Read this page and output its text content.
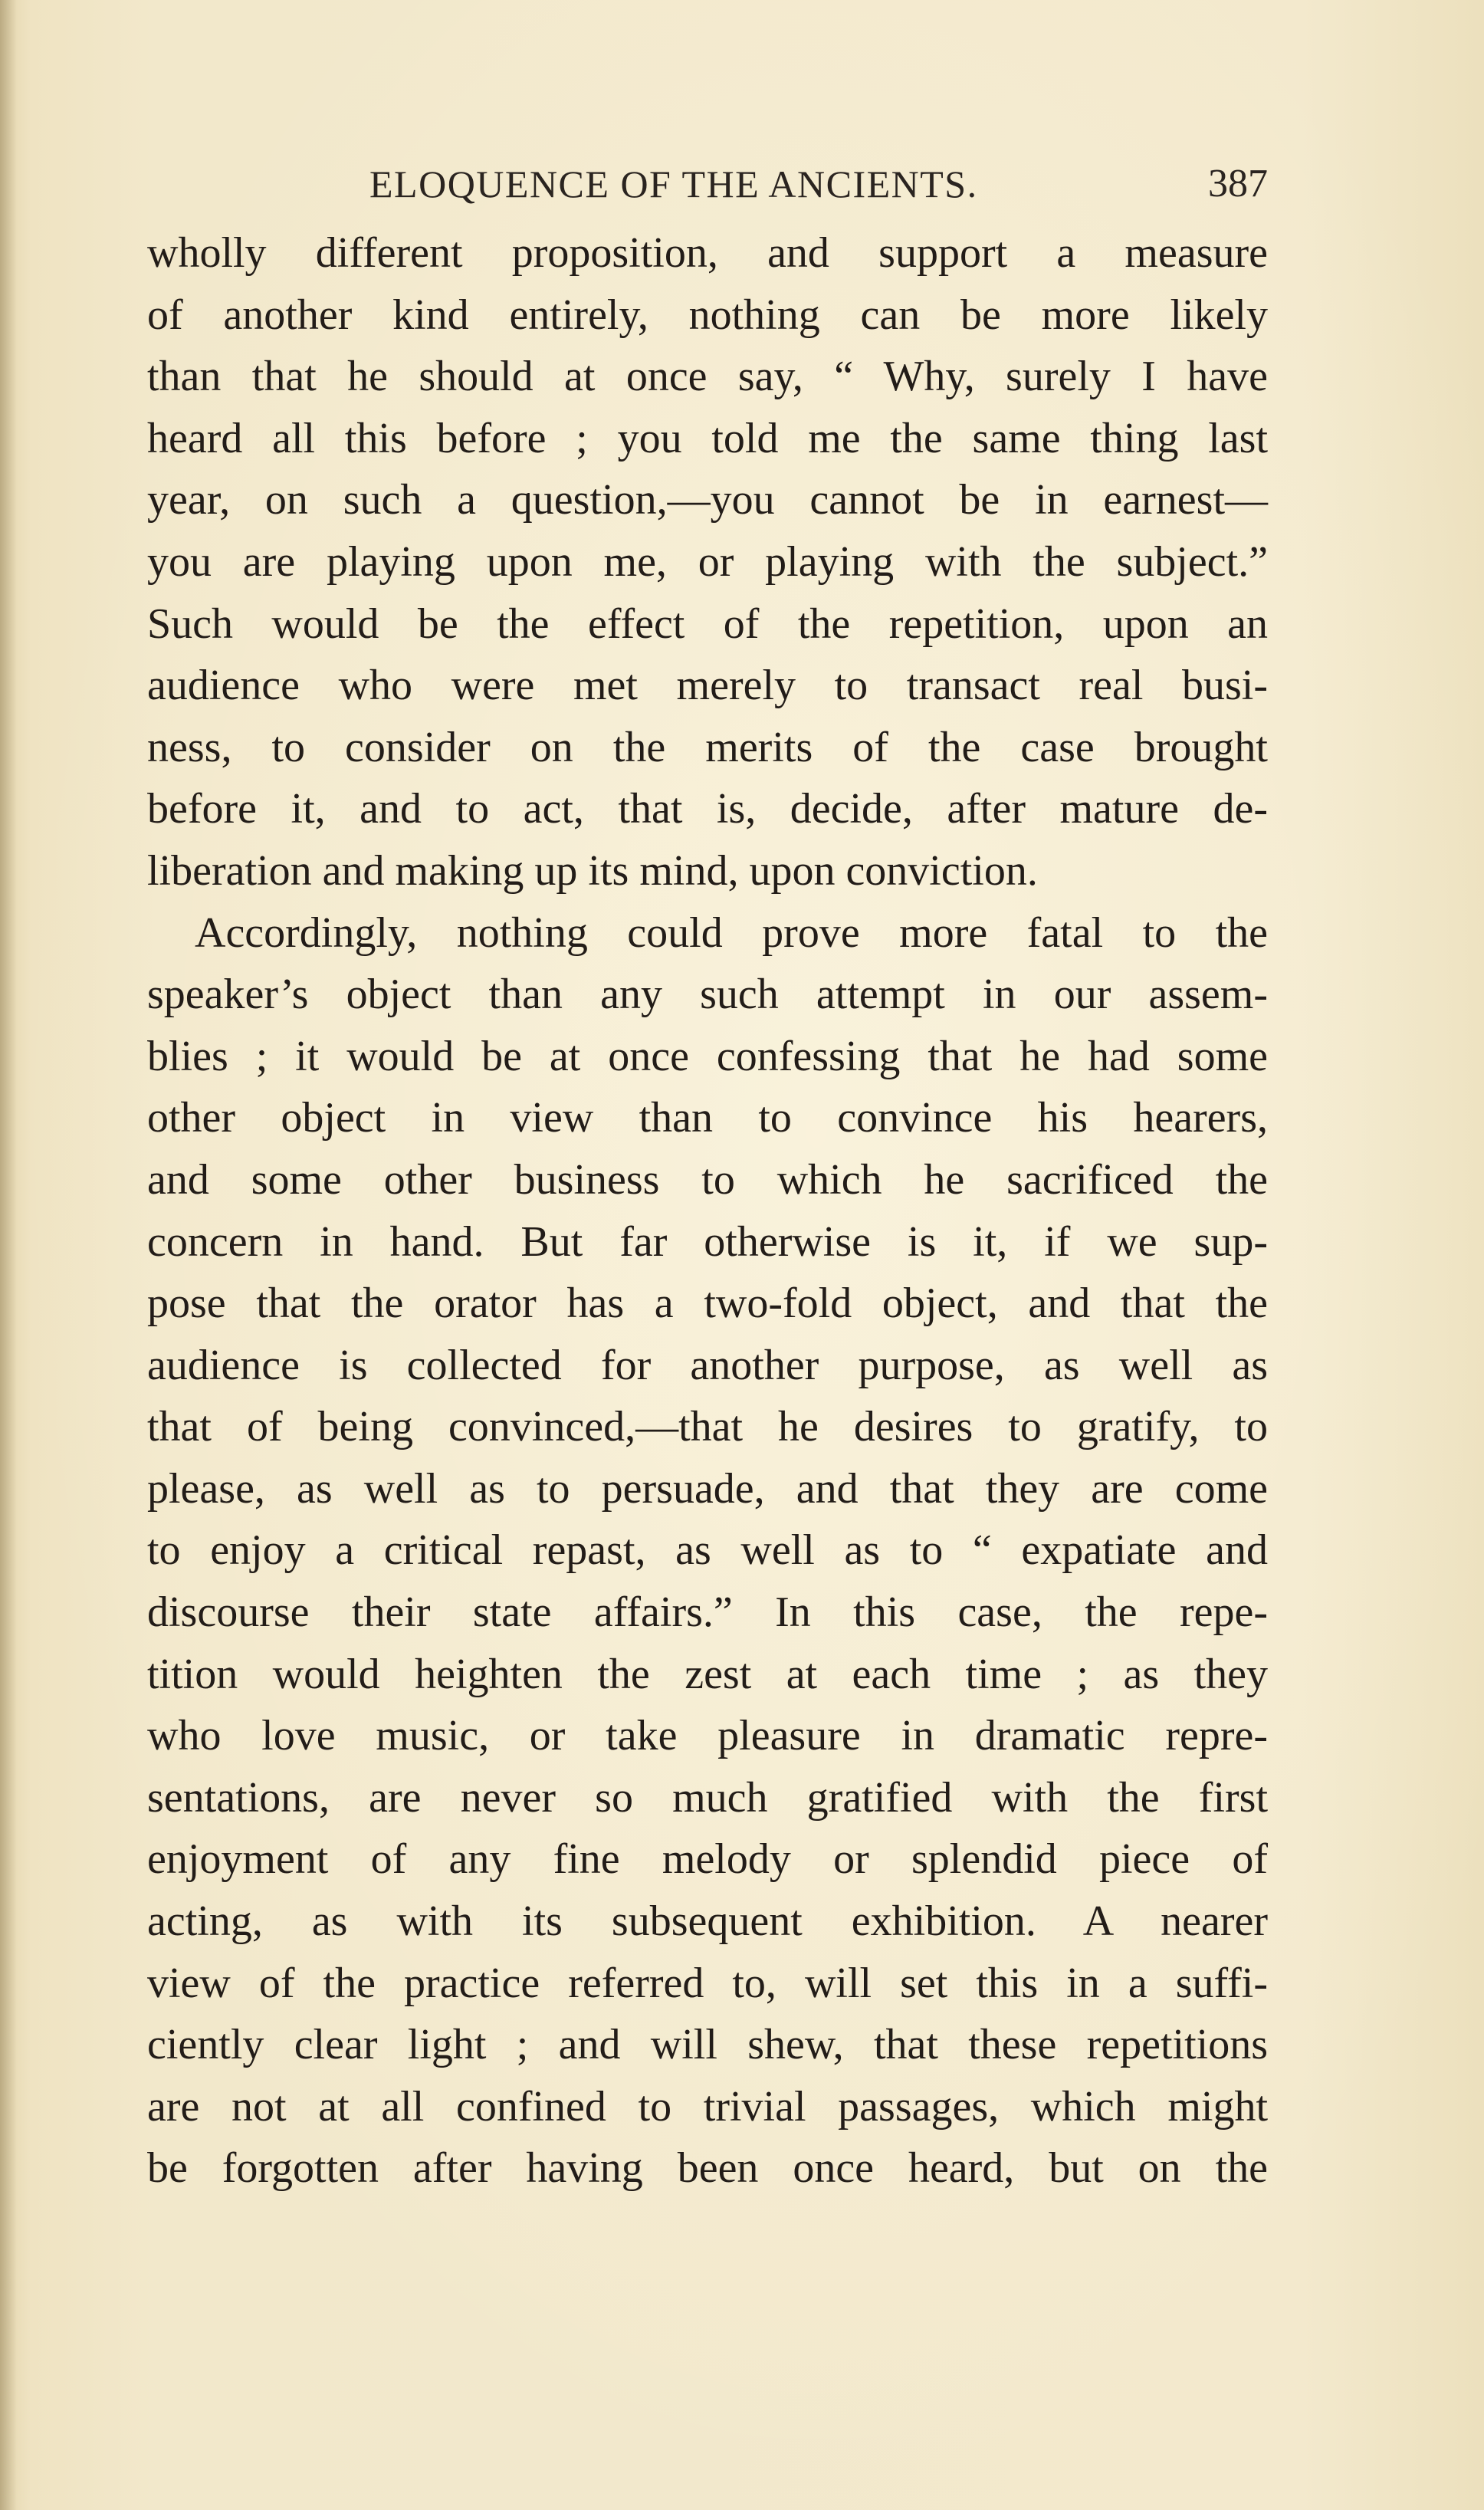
ELOQUENCE OF THE ANCIENTS.	387
wholly different proposition, and support a measure
of another kind entirely, nothing can be more likely
than that he should at once say, “ Why, surely I have
heard all this before ; you told me the same thing last
year, on such a question,—you cannot be in earnest—
you are playing upon me, or playing with the subject.”
Such would be the effect of the repetition, upon an
audience who were met merely to transact real busi-
ness, to consider on the merits of the case brought
before it, and to act, that is, decide, after mature de-
liberation and making up its mind, upon conviction.
Accordingly, nothing could prove more fatal to the
speaker’s object than any such attempt in our assem-
blies ; it would be at once confessing that he had some
other object in view than to convince his hearers,
and some other business to which he sacrificed the
concern in hand. But far otherwise is it, if we sup-
pose that the orator has a two-fold object, and that the
audience is collected for another purpose, as well as
that of being convinced,—that he desires to gratify, to
please, as well as to persuade, and that they are come
to enjoy a critical repast, as well as to “ expatiate and
discourse their state affairs.” In this case, the repe-
tition would heighten the zest at each time ; as they
who love music, or take pleasure in dramatic repre-
sentations, are never so much gratified with the first
enjoyment of any fine melody or splendid piece of
acting, as with its subsequent exhibition. A nearer
view of the practice referred to, will set this in a suffi-
ciently clear light ; and will shew, that these repetitions
are not at all confined to trivial passages, which might
be forgotten after having been once heard, but on the
